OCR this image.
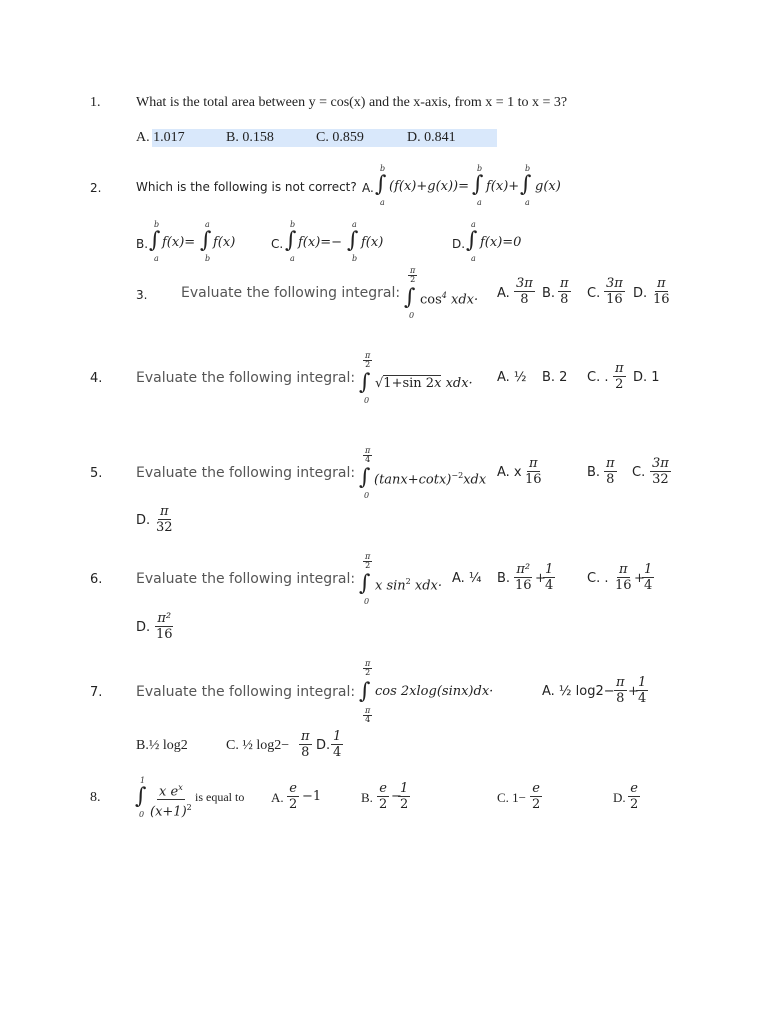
1.	What is the total area between y = cos(x) and the x-axis, from x = 1 to x = 3?
A. 1.017	B. 0.158	C. 0.859	D. 0.841
2.	Which is the following is not correct? A.
b
∫
a
(f(x)+g(x))=
b
∫
a
f(x)+
b
∫
a
g(x)
B.
b
∫
a
f(x)=
a
∫
b
f(x)	C.
b
∫
a
f(x)=−
a
∫
b
f(x)	D.
a
∫
a
f(x)=0
3. Evaluate the following integral:
$\frac{\pi}{2}$
∫
0
$\cos^4 xdx\cdot A$. $\frac{3\pi}{8} B$. $\frac{\pi}{8} C$. $\frac{3\pi}{16} D$. $\frac{\pi}{16}$
4. Evaluate the following integral:
$\frac{\pi}{2}$
∫
0
√1+sin 2x xdx· A. ½ B. 2 C. . $\frac{\pi}{2} D$. 1
5. Evaluate the following integral:
$\frac{\pi}{4}$
∫
0
$(\tan x+\cot x)^{-2}xdx$ A. x $\frac{\pi}{16}$	B. $\frac{\pi}{8} C$. $\frac{3\pi}{32}$
D. $\frac{\pi}{32}$
6. Evaluate the following integral:
$\frac{\pi}{2}$
∫
0
x $\sin^2 xdx\cdot A$. ¼ B. $\frac{\text{π²}}{16}$ +
$\frac{1}{4} C$. . $\frac{\pi}{16}$ +
$\frac{1}{4}$
D. $\frac{\text{π²}}{16}$
7. Evaluate the following integral:
$\frac{\pi}{2}$
∫
$\frac{\pi}{4}$
cos 2xlog(sinx)dx·	A. ½ $\log 2- \frac{\pi}{8}$ +
$\frac{1}{4}$
B.½ log2	C. ½ $\log 2- \frac{\pi}{8} D$. $\frac{1}{4}$
8.
1
∫
$0 \frac{x e^x}{(x+1)^2}$ is equal to A. $\frac{e}{2} -1$	B. $\frac{e}{2}$ −
$\frac{1}{2}$	C. $1- \frac{e}{2}$	D. $\frac{e}{2}$
